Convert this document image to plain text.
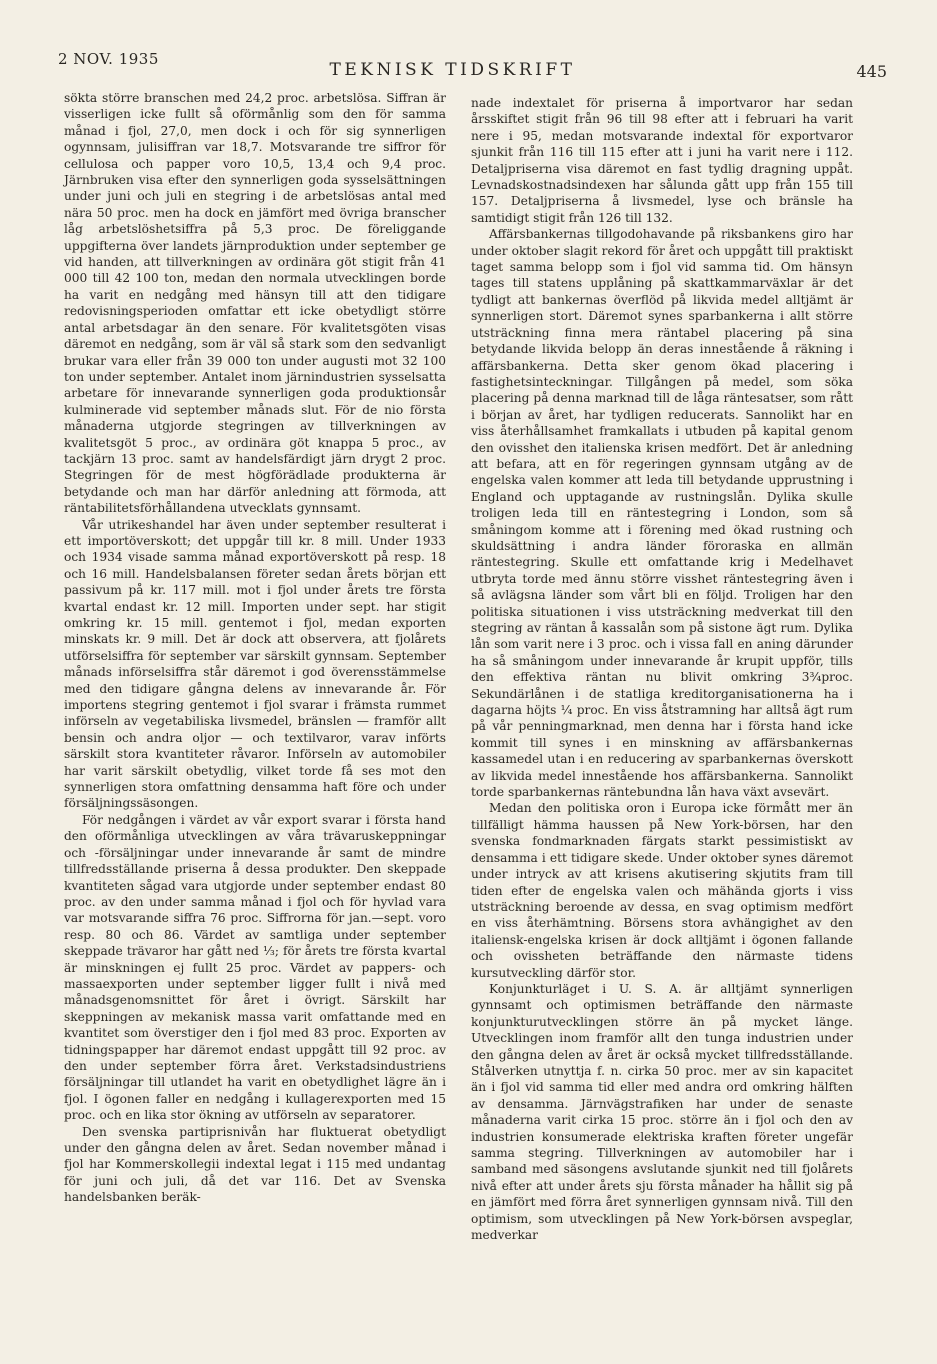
2 NOV. 1935
TEKNISK TIDSKRIFT	445

sökta större branschen med 24,2 proc. arbetslösa. Siffran är visserligen icke fullt så oförmånlig som den för samma månad i fjol, 27,0, men dock i och för sig synnerligen ogynnsam, julisiffran var 18,7. Motsvarande tre siffror för cellulosa och papper voro 10,5, 13,4 och 9,4 proc. Järnbruken visa efter den synnerligen goda sysselsättningen under juni och juli en stegring i de arbetslösas antal med nära 50 proc. men ha dock en jämfört med övriga branscher låg arbetslöshetsiffra på 5,3 proc. De föreliggande uppgifterna över landets järnproduktion under september ge vid handen, att tillverkningen av ordinära göt stigit från 41 000 till 42 100 ton, medan den normala utvecklingen borde ha varit en nedgång med hänsyn till att den tidigare redovisningsperioden omfattar ett icke obetydligt större antal arbetsdagar än den senare. För kvalitetsgöten visas däremot en nedgång, som är väl så stark som den sedvanligt brukar vara eller från 39 000 ton under augusti mot 32 100 ton under september. Antalet inom järnindustrien sysselsatta arbetare för innevarande synnerligen goda produktionsår kulminerade vid september månads slut. För de nio första månaderna utgjorde stegringen av tillverkningen av kvalitetsgöt 5 proc., av ordinära göt knappa 5 proc., av tackjärn 13 proc. samt av handelsfärdigt järn drygt 2 proc. Stegringen för de mest högförädlade produkterna är betydande och man har därför anledning att förmoda, att räntabilitetsförhållandena utvecklats gynnsamt.

Vår utrikeshandel har även under september resulterat i ett importöverskott; det uppgår till kr. 8 mill. Under 1933 och 1934 visade samma månad exportöverskott på resp. 18 och 16 mill. Handelsbalansen företer sedan årets början ett passivum på kr. 117 mill. mot i fjol under årets tre första kvartal endast kr. 12 mill. Importen under sept. har stigit omkring kr. 15 mill. gentemot i fjol, medan exporten minskats kr. 9 mill. Det är dock att observera, att fjolårets utförselsiffra för september var särskilt gynnsam. September månads införselsiffra står däremot i god överensstämmelse med den tidigare gångna delens av innevarande år. För importens stegring gentemot i fjol svarar i främsta rummet införseln av vegetabiliska livsmedel, bränslen — framför allt bensin och andra oljor — och textilvaror, varav införts särskilt stora kvantiteter råvaror. Införseln av automobiler har varit särskilt obetydlig, vilket torde få ses mot den synnerligen stora omfattning densamma haft före och under försäljningssäsongen.

För nedgången i värdet av vår export svarar i första hand den oförmånliga utvecklingen av våra trävaruskeppningar och -försäljningar under innevarande år samt de mindre tillfredsställande priserna å dessa produkter. Den skeppade kvantiteten sågad vara utgjorde under september endast 80 proc. av den under samma månad i fjol och för hyvlad vara var motsvarande siffra 76 proc. Siffrorna för jan.—sept. voro resp. 80 och 86. Värdet av samtliga under september skeppade trävaror har gått ned ⅓; för årets tre första kvartal är minskningen ej fullt 25 proc. Värdet av pappers- och massaexporten under september ligger fullt i nivå med månadsgenomsnittet för året i övrigt. Särskilt har skeppningen av mekanisk massa varit omfattande med en kvantitet som överstiger den i fjol med 83 proc. Exporten av tidningspapper har däremot endast uppgått till 92 proc. av den under september förra året. Verkstadsindustriens försäljningar till utlandet ha varit en obetydlighet lägre än i fjol. I ögonen faller en nedgång i kullagerexporten med 15 proc. och en lika stor ökning av utförseln av separatorer.

Den svenska partiprisnivån har fluktuerat obetydligt under den gångna delen av året. Sedan november månad i fjol har Kommerskollegii indextal legat i 115 med undantag för juni och juli, då det var 116. Det av Svenska handelsbanken beräk-

nade indextalet för priserna å importvaror har sedan årsskiftet stigit från 96 till 98 efter att i februari ha varit nere i 95, medan motsvarande indextal för exportvaror sjunkit från 116 till 115 efter att i juni ha varit nere i 112. Detaljpriserna visa däremot en fast tydlig dragning uppåt. Levnadskostnadsindexen har sålunda gått upp från 155 till 157. Detaljpriserna å livsmedel, lyse och bränsle ha samtidigt stigit från 126 till 132.

Affärsbankernas tillgodohavande på riksbankens giro har under oktober slagit rekord för året och uppgått till praktiskt taget samma belopp som i fjol vid samma tid. Om hänsyn tages till statens upplåning på skattkammarväxlar är det tydligt att bankernas överflöd på likvida medel alltjämt är synnerligen stort. Däremot synes sparbankerna i allt större utsträckning finna mera räntabel placering på sina betydande likvida belopp än deras innestående å räkning i affärsbankerna. Detta sker genom ökad placering i fastighetsinteckningar. Tillgången på medel, som söka placering på denna marknad till de låga räntesatser, som rått i början av året, har tydligen reducerats. Sannolikt har en viss återhållsamhet framkallats i utbuden på kapital genom den ovisshet den italienska krisen medfört. Det är anledning att befara, att en för regeringen gynnsam utgång av de engelska valen kommer att leda till betydande upprustning i England och upptagande av rustningslån. Dylika skulle troligen leda till en räntestegring i London, som så småningom komme att i förening med ökad rustning och skuldsättning i andra länder föroraska en allmän räntestegring. Skulle ett omfattande krig i Medelhavet utbryta torde med ännu större visshet räntestegring även i så avlägsna länder som vårt bli en följd. Troligen har den politiska situationen i viss utsträckning medverkat till den stegring av räntan å kassalån som på sistone ägt rum. Dylika lån som varit nere i 3 proc. och i vissa fall en aning därunder ha så småningom under innevarande år krupit uppför, tills den effektiva räntan nu blivit omkring 3¾proc. Sekundärlånen i de statliga kreditorganisationerna ha i dagarna höjts ¼ proc. En viss åtstramning har alltså ägt rum på vår penningmarknad, men denna har i första hand icke kommit till synes i en minskning av affärsbankernas kassamedel utan i en reducering av sparbankernas överskott av likvida medel innestående hos affärsbankerna. Sannolikt torde sparbankernas räntebundna lån hava växt avsevärt.

Medan den politiska oron i Europa icke förmått mer än tillfälligt hämma haussen på New York-börsen, har den svenska fondmarknaden färgats starkt pessimistiskt av densamma i ett tidigare skede. Under oktober synes däremot under intryck av att krisens akutisering skjutits fram till tiden efter de engelska valen och mähända gjorts i viss utsträckning beroende av dessa, en svag optimism medfört en viss återhämtning. Börsens stora avhängighet av den italiensk-engelska krisen är dock alltjämt i ögonen fallande och ovissheten beträffande den närmaste tidens kursutveckling därför stor.

Konjunkturläget i U. S. A. är alltjämt synnerligen gynnsamt och optimismen beträffande den närmaste konjunkturutvecklingen större än på mycket länge. Utvecklingen inom framför allt den tunga industrien under den gångna delen av året är också mycket tillfredsställande. Stålverken utnyttja f. n. cirka 50 proc. mer av sin kapacitet än i fjol vid samma tid eller med andra ord omkring hälften av densamma. Järnvägstrafiken har under de senaste månaderna varit cirka 15 proc. större än i fjol och den av industrien konsumerade elektriska kraften företer ungefär samma stegring. Tillverkningen av automobiler har i samband med säsongens avslutande sjunkit ned till fjolårets nivå efter att under årets sju första månader ha hållit sig på en jämfört med förra året synnerligen gynnsam nivå. Till den optimism, som utvecklingen på New York-börsen avspeglar, medverkar
